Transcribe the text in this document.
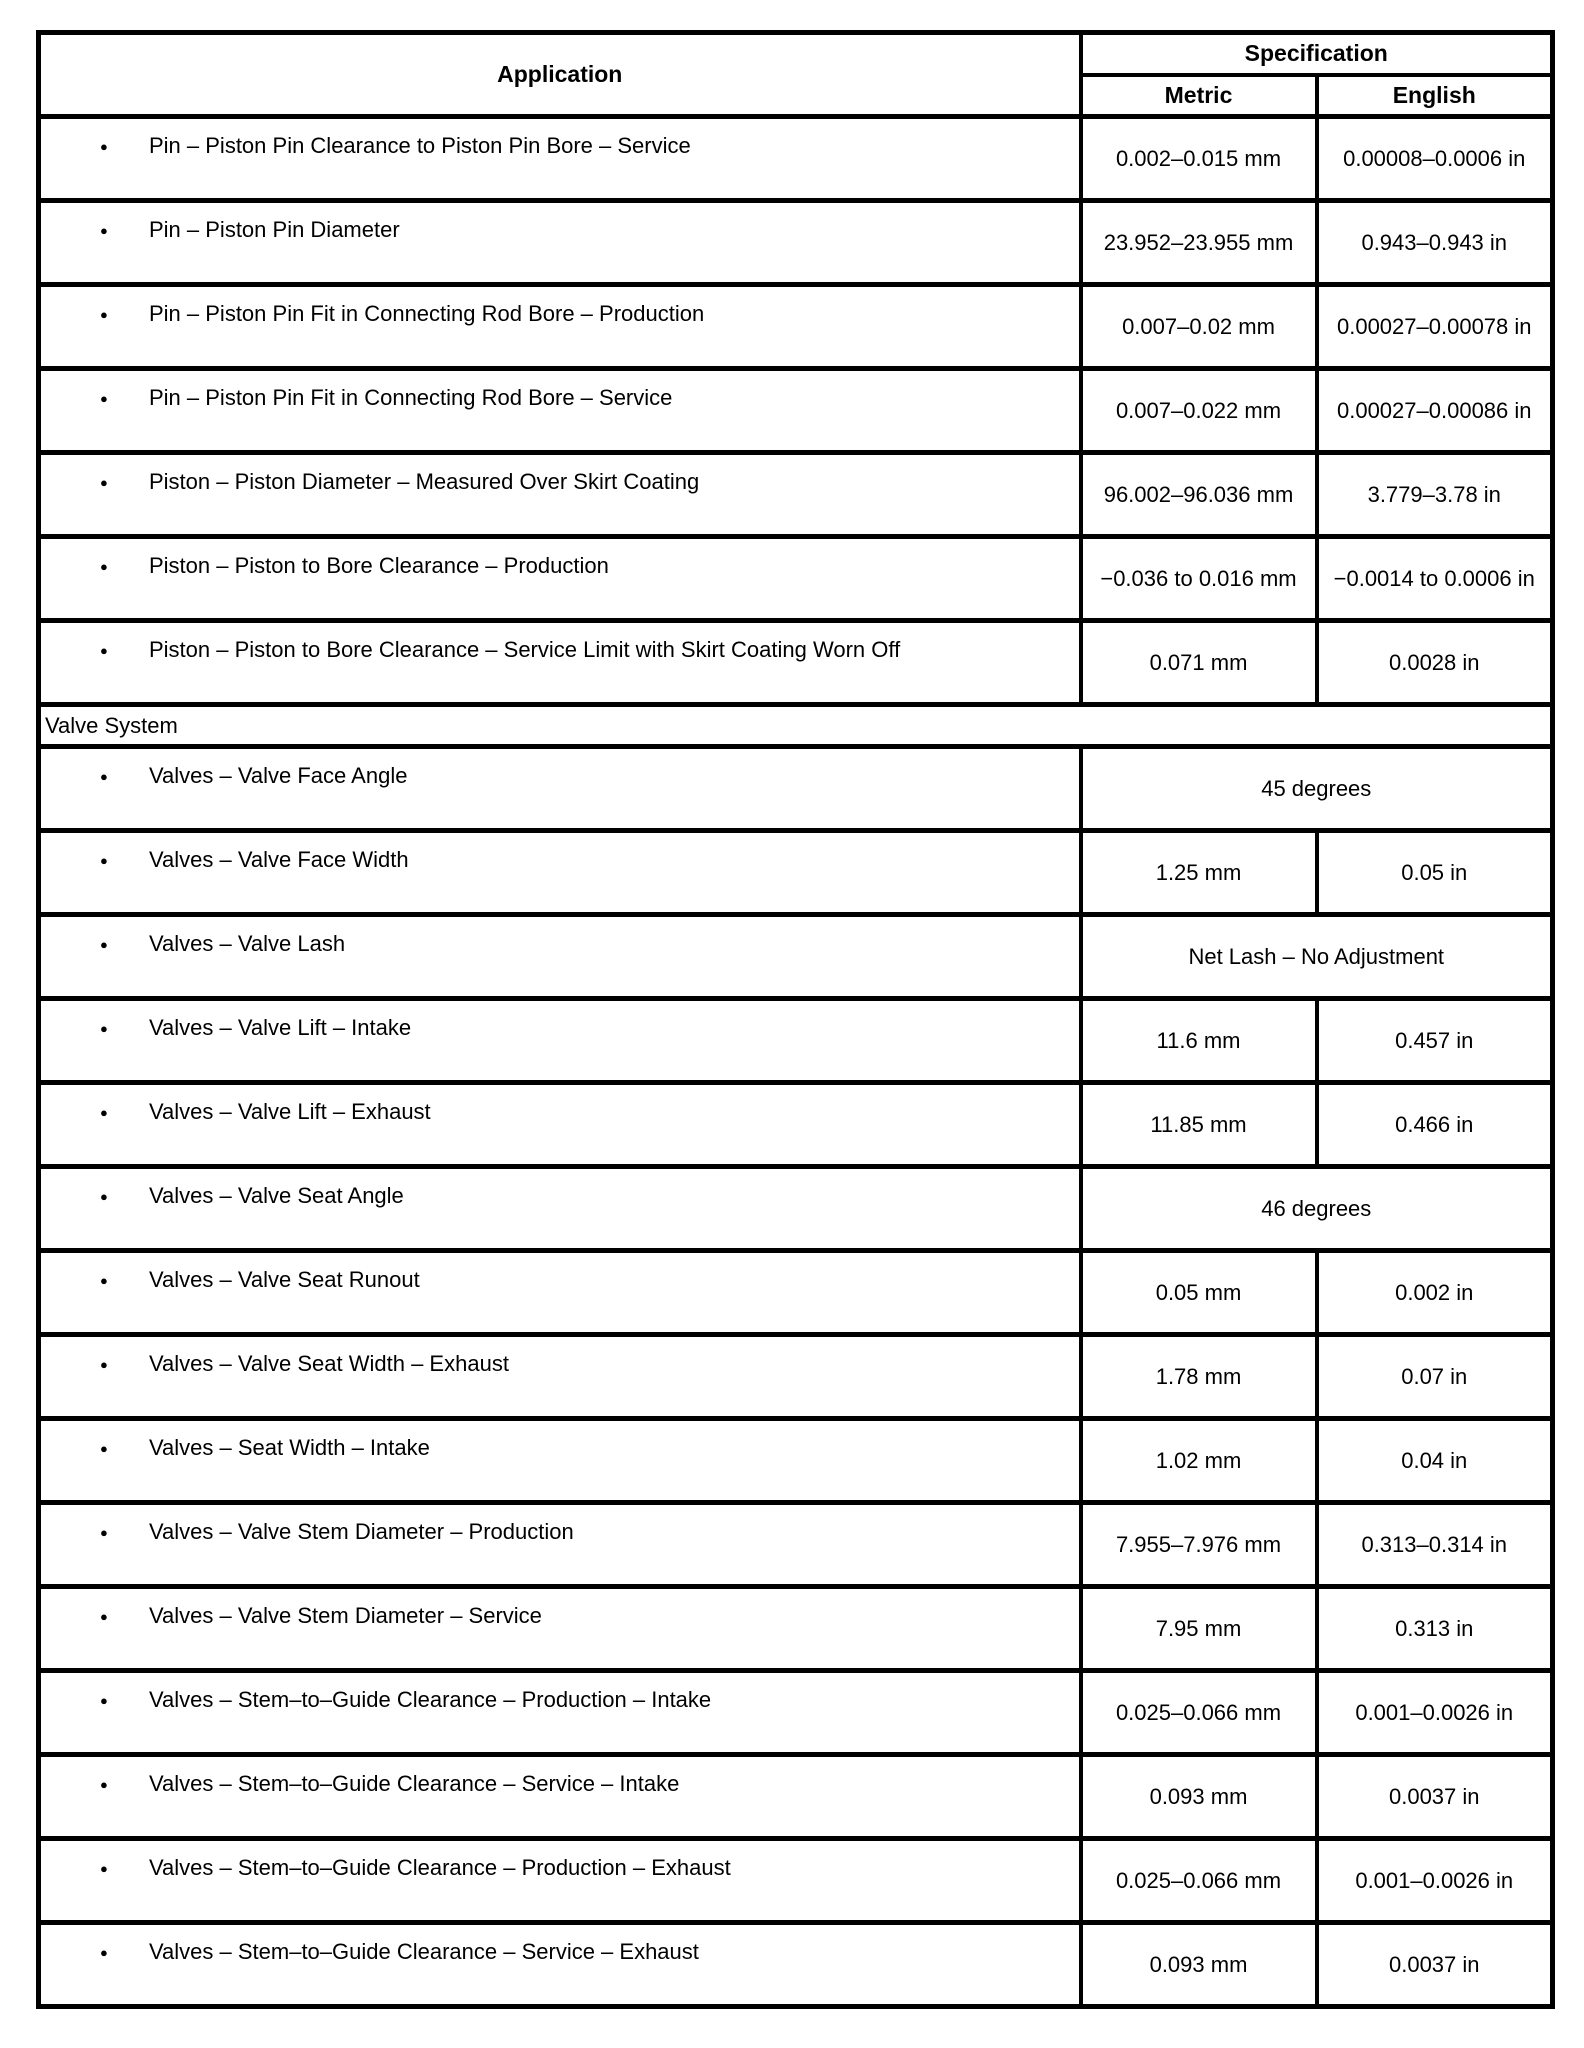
Application	Specification	
	Metric	English
● Pin – Piston Pin Clearance to Piston Pin Bore – Service	0.002–0.015 mm	0.00008–0.0006 in
● Pin – Piston Pin Diameter	23.952–23.955 mm	0.943–0.943 in
● Pin – Piston Pin Fit in Connecting Rod Bore – Production	0.007–0.02 mm	0.00027–0.00078 in
● Pin – Piston Pin Fit in Connecting Rod Bore – Service	0.007–0.022 mm	0.00027–0.00086 in
● Piston – Piston Diameter – Measured Over Skirt Coating	96.002–96.036 mm	3.779–3.78 in
● Piston – Piston to Bore Clearance – Production	−0.036 to 0.016 mm	−0.0014 to 0.0006 in
● Piston – Piston to Bore Clearance – Service Limit with Skirt Coating Worn Off	0.071 mm	0.0028 in
Valve System		
● Valves – Valve Face Angle	45 degrees	
● Valves – Valve Face Width	1.25 mm	0.05 in
● Valves – Valve Lash	Net Lash – No Adjustment	
● Valves – Valve Lift – Intake	11.6 mm	0.457 in
● Valves – Valve Lift – Exhaust	11.85 mm	0.466 in
● Valves – Valve Seat Angle	46 degrees	
● Valves – Valve Seat Runout	0.05 mm	0.002 in
● Valves – Valve Seat Width – Exhaust	1.78 mm	0.07 in
● Valves – Seat Width – Intake	1.02 mm	0.04 in
● Valves – Valve Stem Diameter – Production	7.955–7.976 mm	0.313–0.314 in
● Valves – Valve Stem Diameter – Service	7.95 mm	0.313 in
● Valves – Stem–to–Guide Clearance – Production – Intake	0.025–0.066 mm	0.001–0.0026 in
● Valves – Stem–to–Guide Clearance – Service – Intake	0.093 mm	0.0037 in
● Valves – Stem–to–Guide Clearance – Production – Exhaust	0.025–0.066 mm	0.001–0.0026 in
● Valves – Stem–to–Guide Clearance – Service – Exhaust	0.093 mm	0.0037 in
